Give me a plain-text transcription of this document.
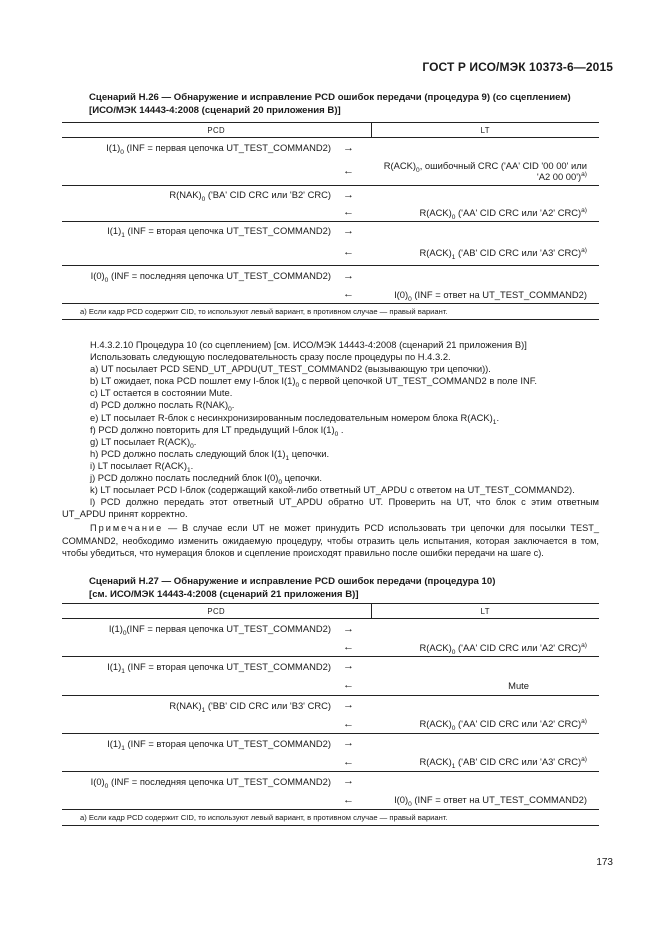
ГОСТ Р ИСО/МЭК 10373-6—2015
Сценарий Н.26 — Обнаружение и исправление PCD ошибок передачи (процедура 9) (со сцеплением)
[ИСО/МЭК 14443-4:2008 (сценарий 20 приложения В)]
PCD		LT
$I(1)_0$ (INF = первая цепочка UT_TEST_COMMAND2)	→	
	←	$R(ACK)_0$, ошибочный CRC ('AA' CID '00 00' или
'A2 00 00')$^{a)}$
$R(NAK)_0$ ('BA' CID CRC или 'B2' CRC)	→	
	←	$R(ACK)_0$ ('AA' CID CRC или 'A2' CRC)$^{a)}$
$I(1)_1$ (INF = вторая цепочка UT_TEST_COMMAND2)	→	
	←	$R(ACK)_1$ ('AB' CID CRC или 'A3' CRC)$^{a)}$
$I(0)_0$ (INF = последняя цепочка UT_TEST_COMMAND2)	→	
	←	$I(0)_0$ (INF = ответ на UT_TEST_COMMAND2)
a) Если кадр PCD содержит CID, то используют левый вариант, в противном случае — правый вариант.		

Н.4.3.2.10 Процедура 10 (со сцеплением) [см. ИСО/МЭК 14443-4:2008 (сценарий 21 приложения В)]

Использовать следующую последовательность сразу после процедуры по Н.4.3.2.

a) UT посылает PCD SEND_UT_APDU(UT_TEST_COMMAND2 (вызывающую три цепочки)).

b) LT ожидает, пока PCD пошлет ему I-блок $I(1)_0$ с первой цепочкой UT_TEST_COMMAND2 в поле INF.

c) LT остается в состоянии Mute.

d) PCD должно послать $R(NAK)_0$.

e) LT посылает R-блок с несинхронизированным последовательным номером блока $R(ACK)_1$.

f) PCD должно повторить для LT предыдущий I-блок $I(1)_0$ .

g) LT посылает $R(ACK)_0$.

h) PCD должно послать следующий блок $I(1)_1$ цепочки.

i) LT посылает $R(ACK)_1$.

j) PCD должно послать последний блок $I(0)_0$ цепочки.

k) LT посылает PCD I-блок (содержащий какой-либо ответный UT_APDU с ответом на UT_TEST_COMMAND2).

l) PCD должно передать этот ответный UT_APDU обратно UT. Проверить на UT, что блок с этим ответным UT_APDU принят корректно.

Примечание — В случае если UT не может принудить PCD использовать три цепочки для посылки TEST_ COMMAND2, необходимо изменить ожидаемую процедуру, чтобы отразить цель испытания, которая заключается в том, чтобы убедиться, что нумерация блоков и сцепление происходят правильно после ошибки передачи на шаге c).
Сценарий Н.27 — Обнаружение и исправление PCD ошибок передачи (процедура 10)
[см. ИСО/МЭК 14443-4:2008 (сценарий 21 приложения В)]
PCD		LT
$I(1)_0(INF$ = первая цепочка UT_TEST_COMMAND2)	→	
	←	$R(ACK)_0$ ('AA' CID CRC или 'A2' CRC)$^{a)}$
$I(1)_1$ (INF = вторая цепочка UT_TEST_COMMAND2)	→	
	←	Mute
$R(NAK)_1$ ('BB' CID CRC или 'B3' CRC)	→	
	←	$R(ACK)_0$ ('AA' CID CRC или 'A2' CRC)$^{a)}$
$I(1)_1$ (INF = вторая цепочка UT_TEST_COMMAND2)	→	
	←	$R(ACK)_1$ ('AB' CID CRC или 'A3' CRC)$^{a)}$
$I(0)_0$ (INF = последняя цепочка UT_TEST_COMMAND2)	→	
	←	$I(0)_0$ (INF = ответ на UT_TEST_COMMAND2)
a) Если кадр PCD содержит CID, то используют левый вариант, в противном случае — правый вариант.		
173
